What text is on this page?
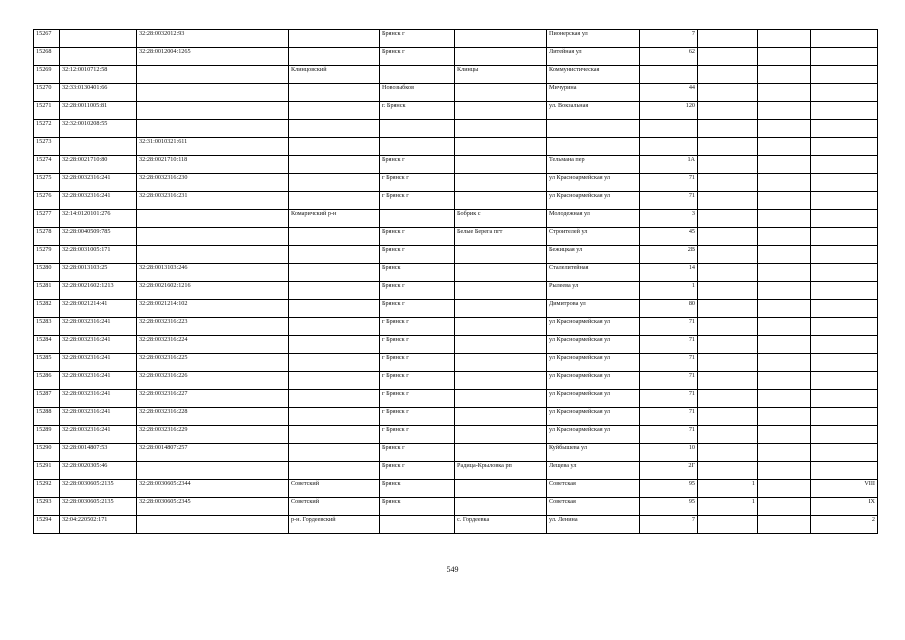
15267		32:28:0032012:93		Брянск г		Пионерская ул	7			
15268		32:28:0012004:1265		Брянск г		Литейная ул	62			
15269	32:12:0010712:58		Клинцовский		Клинцы	Коммунистическая				
15270	32:33:0130401:66			Новозыбков		Мичурина	44			
15271	32:28:0011005:81			г. Брянск		ул. Вокзальная	120			
15272	32:32:0010208:55									
15273		32:31:0010321:611								
15274	32:28:0021710:80	32:28:0021710:118		Брянск г		Тельмана пер	1А			
15275	32:28:0032316:241	32:28:0032316:230		г Брянск г		ул Красноармейская ул	71			
15276	32:28:0032316:241	32:28:0032316:231		г Брянск г		ул Красноармейская ул	71			
15277	32:14:0120101:276		Комаричский р-н		Бобрик с	Молодежная ул	3			
15278	32:28:0040509:785			Брянск г	Белые Берега пгт	Строителей ул	45			
15279	32:28:0031005:171			Брянск г		Бежицкая ул	2В			
15280	32:28:0013103:25	32:28:0013103:246		Брянск		Сталелитейная	14			
15281	32:28:0021602:1213	32:28:0021602:1216		Брянск г		Рылеева ул	1			
15282	32:28:0021214:41	32:28:0021214:102		Брянск г		Димитрова ул	80			
15283	32:28:0032316:241	32:28:0032316:223		г Брянск г		ул Красноармейская ул	71			
15284	32:28:0032316:241	32:28:0032316:224		г Брянск г		ул Красноармейская ул	71			
15285	32:28:0032316:241	32:28:0032316:225		г Брянск г		ул Красноармейская ул	71			
15286	32:28:0032316:241	32:28:0032316:226		г Брянск г		ул Красноармейская ул	71			
15287	32:28:0032316:241	32:28:0032316:227		г Брянск г		ул Красноармейская ул	71			
15288	32:28:0032316:241	32:28:0032316:228		г Брянск г		ул Красноармейская ул	71			
15289	32:28:0032316:241	32:28:0032316:229		г Брянск г		ул Красноармейская ул	71			
15290	32:28:0014807:53	32:28:0014807:257		Брянск г		Куйбышева ул	10			
15291	32:28:0020305:46			Брянск г	Радица-Крыловка рп	Лещева ул	2Г			
15292	32:28:0030605:2135	32:28:0030605:2344	Советский	Брянск		Советская	95	1		VIII
15293	32:28:0030605:2135	32:28:0030605:2345	Советский	Брянск		Советская	95	1		IX
15294	32:04:220502:171		р-н. Гордеевский		с. Гордеевка	ул. Ленина	7			2
549
